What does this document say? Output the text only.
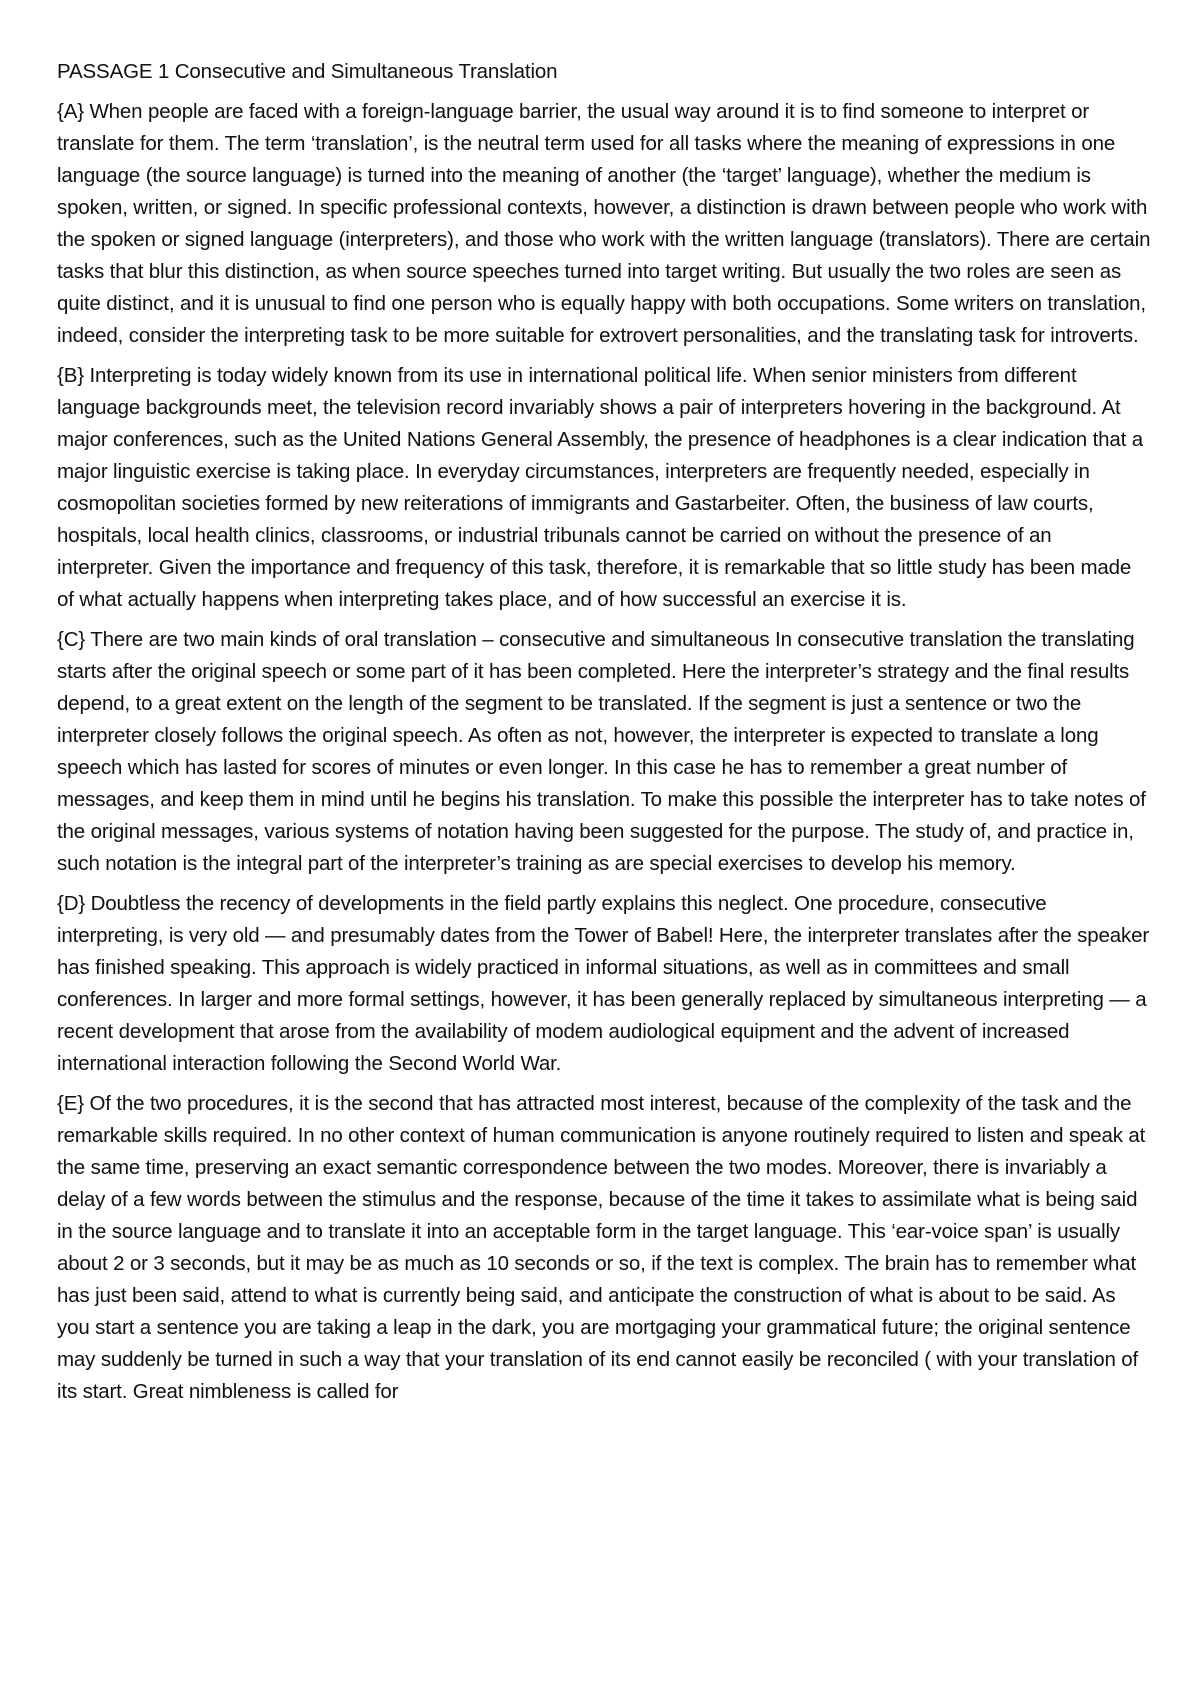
PASSAGE 1 Consecutive and Simultaneous Translation

{A} When people are faced with a foreign-language barrier, the usual way around it is to find someone to interpret or translate for them. The term ‘translation’, is the neutral term used for all tasks where the meaning of expressions in one language (the source language) is turned into the meaning of another (the ‘target’ language), whether the medium is spoken, written, or signed. In specific professional contexts, however, a distinction is drawn between people who work with the spoken or signed language (interpreters), and those who work with the written language (translators). There are certain tasks that blur this distinction, as when source speeches turned into target writing. But usually the two roles are seen as quite distinct, and it is unusual to find one person who is equally happy with both occupations. Some writers on translation, indeed, consider the interpreting task to be more suitable for extrovert personalities, and the translating task for introverts.

{B} Interpreting is today widely known from its use in international political life. When senior ministers from different language backgrounds meet, the television record invariably shows a pair of interpreters hovering in the background. At major conferences, such as the United Nations General Assembly, the presence of headphones is a clear indication that a major linguistic exercise is taking place. In everyday circumstances, interpreters are frequently needed, especially in cosmopolitan societies formed by new reiterations of immigrants and Gastarbeiter. Often, the business of law courts, hospitals, local health clinics, classrooms, or industrial tribunals cannot be carried on without the presence of an interpreter. Given the importance and frequency of this task, therefore, it is remarkable that so little study has been made of what actually happens when interpreting takes place, and of how successful an exercise it is.

{C} There are two main kinds of oral translation – consecutive and simultaneous In consecutive translation the translating starts after the original speech or some part of it has been completed. Here the interpreter’s strategy and the final results depend, to a great extent on the length of the segment to be translated. If the segment is just a sentence or two the interpreter closely follows the original speech. As often as not, however, the interpreter is expected to translate a long speech which has lasted for scores of minutes or even longer. In this case he has to remember a great number of messages, and keep them in mind until he begins his translation. To make this possible the interpreter has to take notes of the original messages, various systems of notation having been suggested for the purpose. The study of, and practice in, such notation is the integral part of the interpreter’s training as are special exercises to develop his memory.

{D} Doubtless the recency of developments in the field partly explains this neglect. One procedure, consecutive interpreting, is very old — and presumably dates from the Tower of Babel! Here, the interpreter translates after the speaker has finished speaking. This approach is widely practiced in informal situations, as well as in committees and small conferences. In larger and more formal settings, however, it has been generally replaced by simultaneous interpreting — a recent development that arose from the availability of modem audiological equipment and the advent of increased international interaction following the Second World War.

{E} Of the two procedures, it is the second that has attracted most interest, because of the complexity of the task and the remarkable skills required. In no other context of human communication is anyone routinely required to listen and speak at the same time, preserving an exact semantic correspondence between the two modes. Moreover, there is invariably a delay of a few words between the stimulus and the response, because of the time it takes to assimilate what is being said in the source language and to translate it into an acceptable form in the target language. This ‘ear-voice span’ is usually about 2 or 3 seconds, but it may be as much as 10 seconds or so, if the text is complex. The brain has to remember what has just been said, attend to what is currently being said, and anticipate the construction of what is about to be said. As you start a sentence you are taking a leap in the dark, you are mortgaging your grammatical future; the original sentence may suddenly be turned in such a way that your translation of its end cannot easily be reconciled ( with your translation of its start. Great nimbleness is called for
